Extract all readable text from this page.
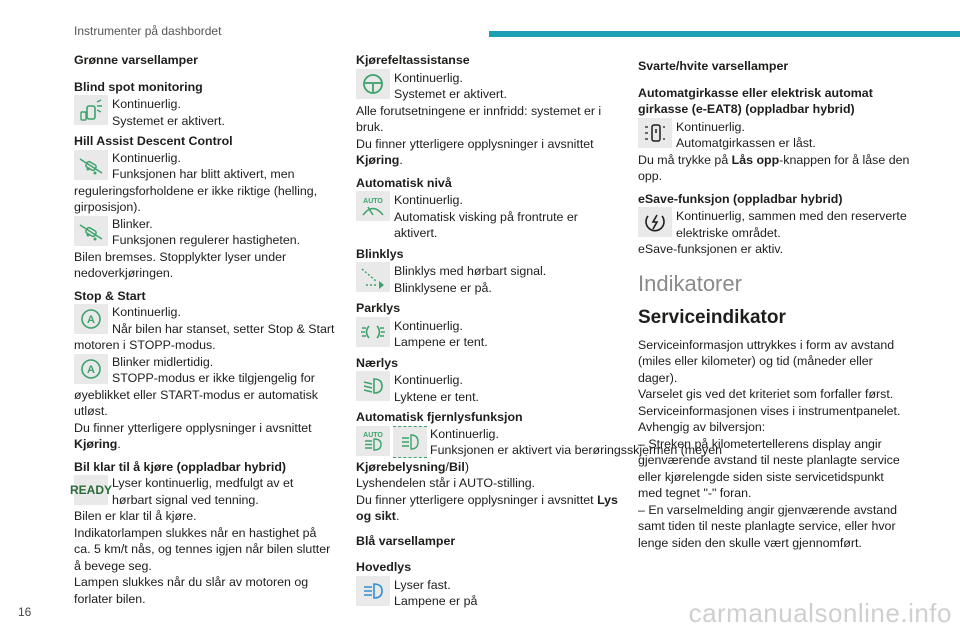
Instrumenter på dashbordet

Grønne varsellamper

Blind spot monitoring

Kontinuerlig.
Systemet er aktivert.

Hill Assist Descent Control

Kontinuerlig.
Funksjonen har blitt aktivert, men reguleringsforholdene er ikke riktige (helling, girposisjon).
Blinker.
Funksjonen regulerer hastigheten.
Bilen bremses. Stopplykter lyser under nedoverkjøringen.

Stop & Start

A
Kontinuerlig.
Når bilen har stanset, setter Stop & Start motoren i STOPP-modus.
A
Blinker midlertidig.
STOPP-modus er ikke tilgjengelig for øyeblikket eller START-modus er automatisk utløst.
Du finner ytterligere opplysninger i avsnittet Kjøring.

Bil klar til å kjøre (oppladbar hybrid)

READY Lyser kontinuerlig, medfulgt av et hørbart signal ved tenning.
Bilen er klar til å kjøre.
Indikatorlampen slukkes når en hastighet på ca. 5 km/t nås, og tennes igjen når bilen slutter å bevege seg.
Lampen slukkes når du slår av motoren og forlater bilen.

Kjørefeltassistanse

Kontinuerlig.
Systemet er aktivert.
Alle forutsetningene er innfridd: systemet er i bruk.
Du finner ytterligere opplysninger i avsnittet Kjøring.

Automatisk nivå

AUTO Kontinuerlig.
Automatisk visking på frontrute er aktivert.

Blinklys

Blinklys med hørbart signal.
Blinklysene er på.

Parklys

Kontinuerlig.
Lampene er tent.

Nærlys

Kontinuerlig.
Lyktene er tent.

Automatisk fjernlysfunksjon

AUTO	Kontinuerlig.
Funksjonen er aktivert via berøringsskjermen (meyen
Kjørebelysning/Bil)
Lyshendelen står i AUTO-stilling.
Du finner ytterligere opplysninger i avsnittet Lys og sikt.

Blå varsellamper

Hovedlys

Lyser fast.
Lampene er på

Svarte/hvite varsellamper

Automatgirkasse eller elektrisk automat girkasse (e-EAT8) (oppladbar hybrid)

Kontinuerlig.
Automatgirkassen er låst.
Du må trykke på Lås opp-knappen for å låse den opp.

eSave-funksjon (oppladbar hybrid)

Kontinuerlig, sammen med den reserverte elektriske området.
eSave-funksjonen er aktiv.

Indikatorer

Serviceindikator

Serviceinformasjon uttrykkes i form av avstand (miles eller kilometer) og tid (måneder eller dager).
Varselet gis ved det kriteriet som forfaller først.
Serviceinformasjonen vises i instrumentpanelet.
Avhengig av bilversjon:
– Streken på kilometertellerens display angir gjenværende avstand til neste planlagte service eller kjørelengde siden siste servicetidspunkt med tegnet "-" foran.
– En varselmelding angir gjenværende avstand samt tiden til neste planlagte service, eller hvor lenge siden den skulle vært gjennomført.
16	carmanualsonline.info
